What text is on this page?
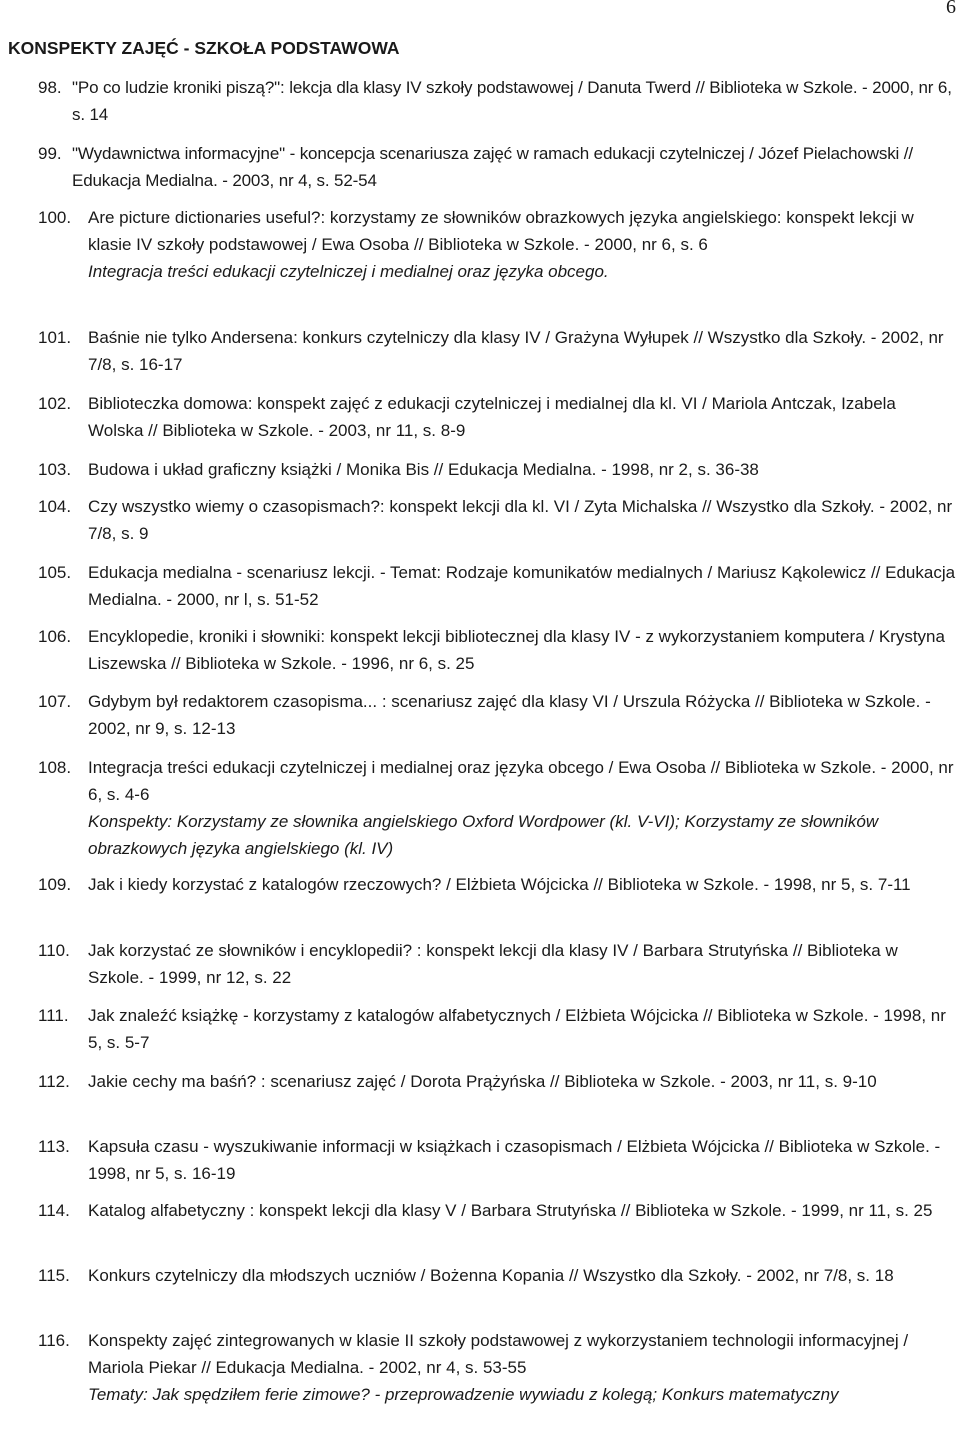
6
KONSPEKTY ZAJĘĆ - SZKOŁA PODSTAWOWA
98. "Po co ludzie kroniki piszą?": lekcja dla klasy IV szkoły podstawowej / Danuta Twerd // Biblioteka w Szkole. - 2000, nr 6, s. 14
99. "Wydawnictwa informacyjne" - koncepcja scenariusza zajęć w ramach edukacji czytelniczej / Józef Pielachowski // Edukacja Medialna. - 2003, nr 4, s. 52-54
100. Are picture dictionaries useful?: korzystamy ze słowników obrazkowych języka angielskiego: konspekt lekcji w klasie IV szkoły podstawowej / Ewa Osoba // Biblioteka w Szkole. - 2000, nr 6, s. 6
Integracja treści edukacji czytelniczej i medialnej oraz języka obcego.
101. Baśnie nie tylko Andersena: konkurs czytelniczy dla klasy IV / Grażyna Wyłupek // Wszystko dla Szkoły. - 2002, nr 7/8, s. 16-17
102. Biblioteczka domowa: konspekt zajęć z edukacji czytelniczej i medialnej dla kl. VI / Mariola Antczak, Izabela Wolska // Biblioteka w Szkole. - 2003, nr 11, s. 8-9
103. Budowa i układ graficzny książki / Monika Bis // Edukacja Medialna. - 1998, nr 2, s. 36-38
104. Czy wszystko wiemy o czasopismach?: konspekt lekcji dla kl. VI / Zyta Michalska // Wszystko dla Szkoły. - 2002, nr 7/8, s. 9
105. Edukacja medialna - scenariusz lekcji. - Temat: Rodzaje komunikatów medialnych / Mariusz Kąkolewicz // Edukacja Medialna. - 2000, nr l, s. 51-52
106. Encyklopedie, kroniki i słowniki: konspekt lekcji bibliotecznej dla klasy IV - z wykorzystaniem komputera / Krystyna Liszewska // Biblioteka w Szkole. - 1996, nr 6, s. 25
107. Gdybym był redaktorem czasopisma... : scenariusz zajęć dla klasy VI / Urszula Różycka // Biblioteka w Szkole. - 2002, nr 9, s. 12-13
108. Integracja treści edukacji czytelniczej i medialnej oraz języka obcego / Ewa Osoba // Biblioteka w Szkole. - 2000, nr 6, s. 4-6
Konspekty: Korzystamy ze słownika angielskiego Oxford Wordpower (kl. V-VI); Korzystamy ze słowników obrazkowych języka angielskiego (kl. IV)
109. Jak i kiedy korzystać z katalogów rzeczowych? / Elżbieta Wójcicka // Biblioteka w Szkole. - 1998, nr 5, s. 7-11
110. Jak korzystać ze słowników i encyklopedii? : konspekt lekcji dla klasy IV / Barbara Strutyńska // Biblioteka w Szkole. - 1999, nr 12, s. 22
111. Jak znaleźć książkę - korzystamy z katalogów alfabetycznych / Elżbieta Wójcicka // Biblioteka w Szkole. - 1998, nr 5, s. 5-7
112. Jakie cechy ma baśń? : scenariusz zajęć / Dorota Prążyńska // Biblioteka w Szkole. - 2003, nr 11, s. 9-10
113. Kapsuła czasu - wyszukiwanie informacji w książkach i czasopismach / Elżbieta Wójcicka // Biblioteka w Szkole. - 1998, nr 5, s. 16-19
114. Katalog alfabetyczny : konspekt lekcji dla klasy V / Barbara Strutyńska // Biblioteka w Szkole. - 1999, nr 11, s. 25
115. Konkurs czytelniczy dla młodszych uczniów / Bożenna Kopania // Wszystko dla Szkoły. - 2002, nr 7/8, s. 18
116. Konspekty zajęć zintegrowanych w klasie II szkoły podstawowej z wykorzystaniem technologii informacyjnej / Mariola Piekar // Edukacja Medialna. - 2002, nr 4, s. 53-55
Tematy: Jak spędziłem ferie zimowe? - przeprowadzenie wywiadu z kolegą; Konkurs matematyczny
